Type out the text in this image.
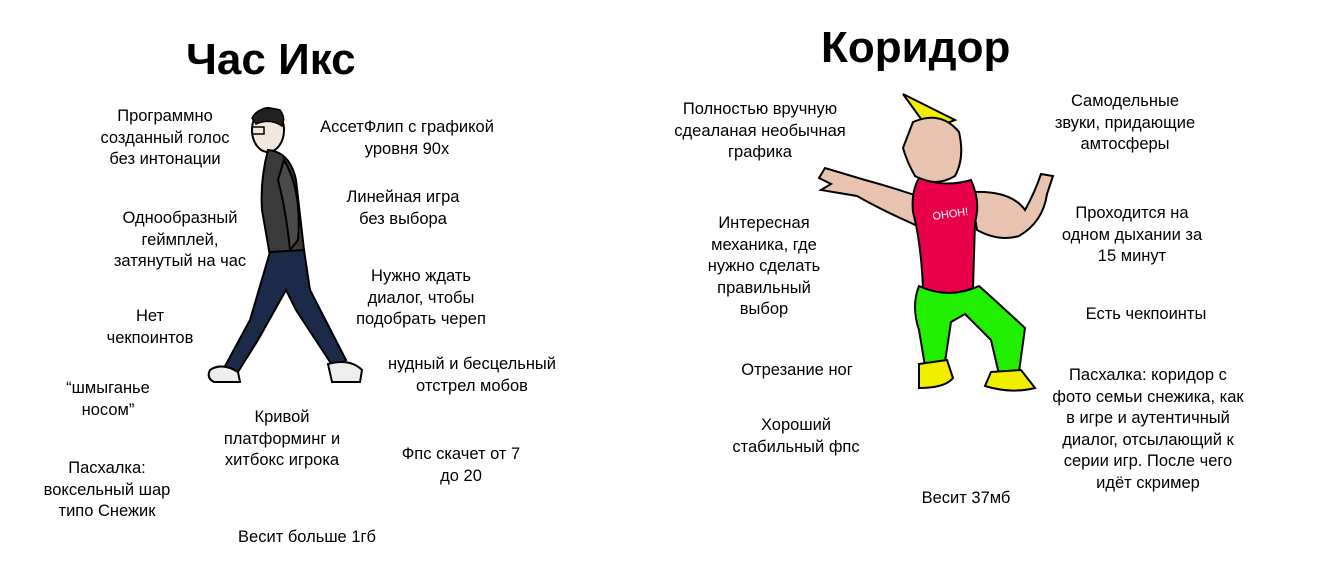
Час Икс
Программно
созданный голос
без интонации
АссетФлип с графикой
уровня 90х
Линейная игра
без выбора
Однообразный
геймплей,
затянутый на час
Нужно ждать
диалог, чтобы
подобрать череп
Нет
чекпоинтов
нудный и бесцельный
отстрел мобов
“шмыганье
носом”	Кривой
платформинг и
хитбокс игрока	Фпс скачет от 7
до 20
Пасхалка:
воксельный шар
типо Снежик
Весит больше 1гб
Коридор
ОНОН!
Полностью вручную
сдеаланая необычная
графика
Самодельные
звуки, придающие
амтосферы
Интересная
механика, где
нужно сделать
правильный
выбор
Проходится на
одном дыхании за
15 минут
Есть чекпоинты
Отрезание ног	Пасхалка: коридор с
фото семьи снежика, как
в игре и аутентичный
диалог, отсылающий к
серии игр. После чего
идёт скример
Хороший
стабильный фпс
Весит 37мб
